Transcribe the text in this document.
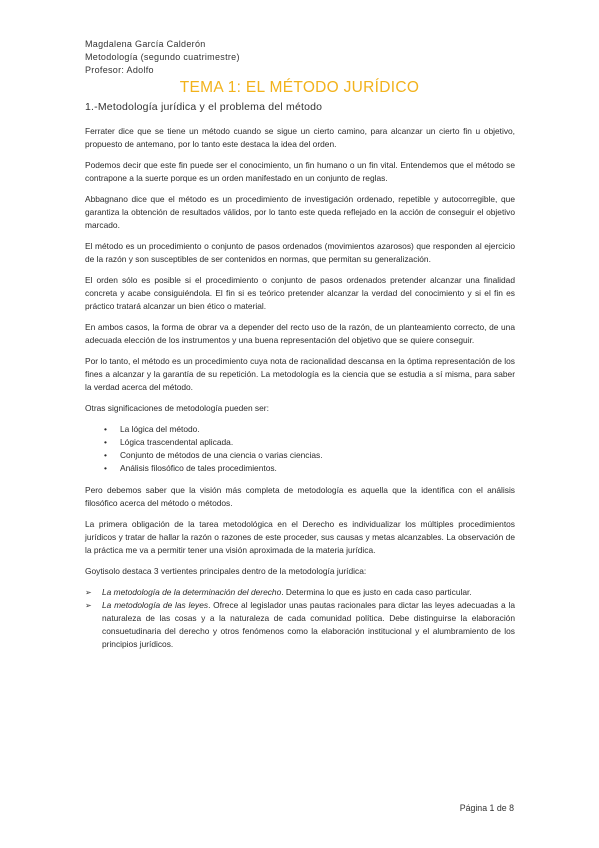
Magdalena García Calderón
Metodología (segundo cuatrimestre)
Profesor: Adolfo
TEMA 1: EL MÉTODO JURÍDICO
1.-Metodología jurídica y el problema del método

Ferrater dice que se tiene un método cuando se sigue un cierto camino, para alcanzar un cierto fin u objetivo, propuesto de antemano, por lo tanto este destaca la idea del orden.

Podemos decir que este fin puede ser el conocimiento, un fin humano o un fin vital. Entendemos que el método se contrapone a la suerte porque es un orden manifestado en un conjunto de reglas.

Abbagnano dice que el método es un procedimiento de investigación ordenado, repetible y autocorregible, que garantiza la obtención de resultados válidos, por lo tanto este queda reflejado en la acción de conseguir el objetivo marcado.

El método es un procedimiento o conjunto de pasos ordenados (movimientos azarosos) que responden al ejercicio de la razón y son susceptibles de ser contenidos en normas, que permitan su generalización.

El orden sólo es posible si el procedimiento o conjunto de pasos ordenados pretender alcanzar una finalidad concreta y acabe consiguiéndola. El fin si es teórico pretender alcanzar la verdad del conocimiento y si el fin es práctico tratará alcanzar un bien ético o material.

En ambos casos, la forma de obrar va a depender del recto uso de la razón, de un planteamiento correcto, de una adecuada elección de los instrumentos y una buena representación del objetivo que se quiere conseguir.

Por lo tanto, el método es un procedimiento cuya nota de racionalidad descansa en la óptima representación de los fines a alcanzar y la garantía de su repetición. La metodología es la ciencia que se estudia a sí misma, para saber la verdad acerca del método.

Otras significaciones de metodología pueden ser:

• La lógica del método.
• Lógica trascendental aplicada.
• Conjunto de métodos de una ciencia o varias ciencias.
• Análisis filosófico de tales procedimientos.

Pero debemos saber que la visión más completa de metodología es aquella que la identifica con el análisis filosófico acerca del método o métodos.

La primera obligación de la tarea metodológica en el Derecho es individualizar los múltiples procedimientos jurídicos y tratar de hallar la razón o razones de este proceder, sus causas y metas alcanzables. La observación de la práctica me va a permitir tener una visión aproximada de la materia jurídica.

Goytisolo destaca 3 vertientes principales dentro de la metodología jurídica:

➢ La metodología de la determinación del derecho. Determina lo que es justo en cada caso particular.
➢ La metodología de las leyes. Ofrece al legislador unas pautas racionales para dictar las leyes adecuadas a la naturaleza de las cosas y a la naturaleza de cada comunidad política. Debe distinguirse la elaboración consuetudinaria del derecho y otros fenómenos como la elaboración institucional y el alumbramiento de los principios jurídicos.
Página 1 de 8
